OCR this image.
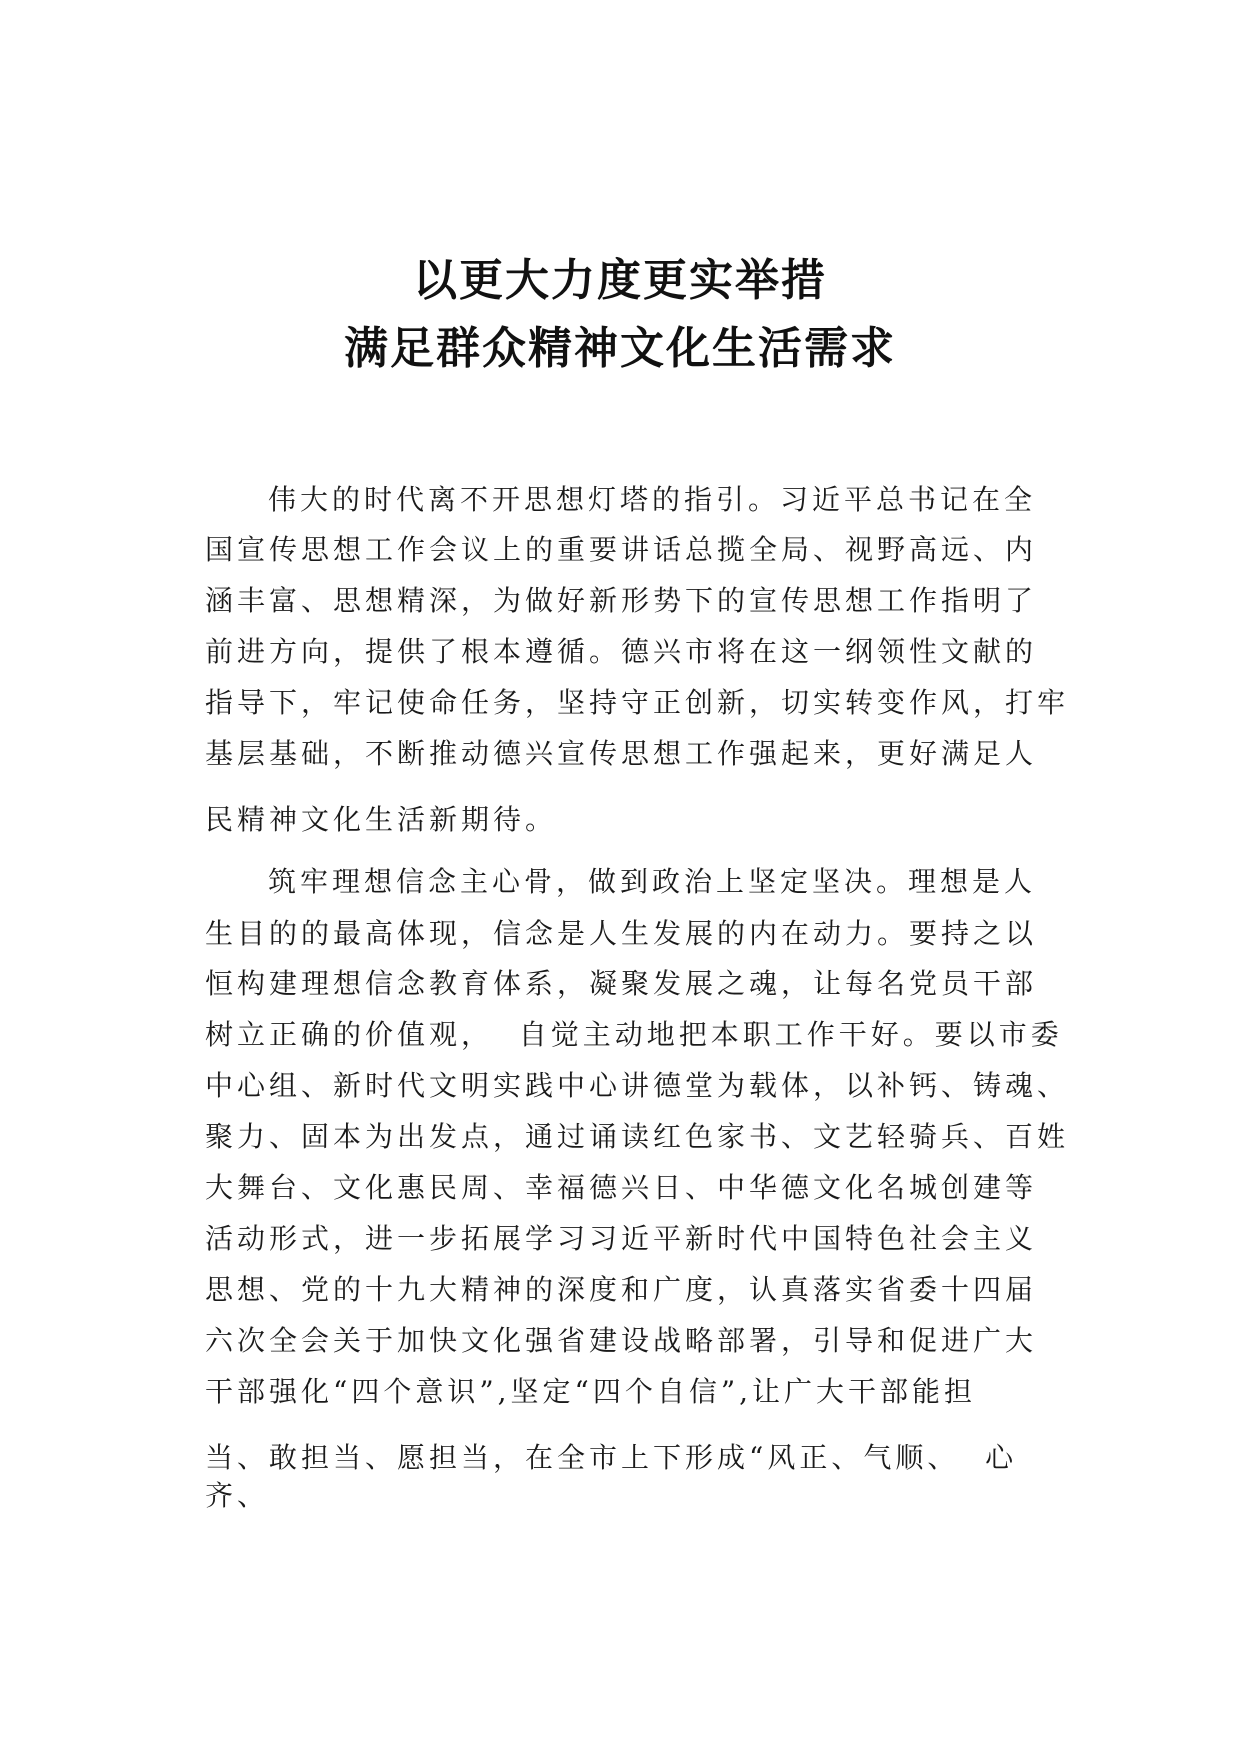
以更大力度更实举措
满足群众精神文化生活需求

伟大的时代离不开思想灯塔的指引。习近平总书记在全

国宣传思想工作会议上的重要讲话总揽全局、视野高远、内

涵丰富、思想精深，为做好新形势下的宣传思想工作指明了

前进方向，提供了根本遵循。德兴市将在这一纲领性文献的

指导下，牢记使命任务，坚持守正创新，切实转变作风，打牢

基层基础，不断推动德兴宣传思想工作强起来，更好满足人

民精神文化生活新期待。

筑牢理想信念主心骨，做到政治上坚定坚决。理想是人

生目的的最高体现，信念是人生发展的内在动力。要持之以

恒构建理想信念教育体系，凝聚发展之魂，让每名党员干部

树立正确的价值观，  自觉主动地把本职工作干好。要以市委

中心组、新时代文明实践中心讲德堂为载体，以补钙、铸魂、

聚力、固本为出发点，通过诵读红色家书、文艺轻骑兵、百姓

大舞台、文化惠民周、幸福德兴日、中华德文化名城创建等

活动形式，进一步拓展学习习近平新时代中国特色社会主义

思想、党的十九大精神的深度和广度，认真落实省委十四届

六次全会关于加快文化强省建设战略部署，引导和促进广大

干部强化“四个意识”,坚定“四个自信”,让广大干部能担

当、敢担当、愿担当，在全市上下形成“风正、气顺、  心

齐、
